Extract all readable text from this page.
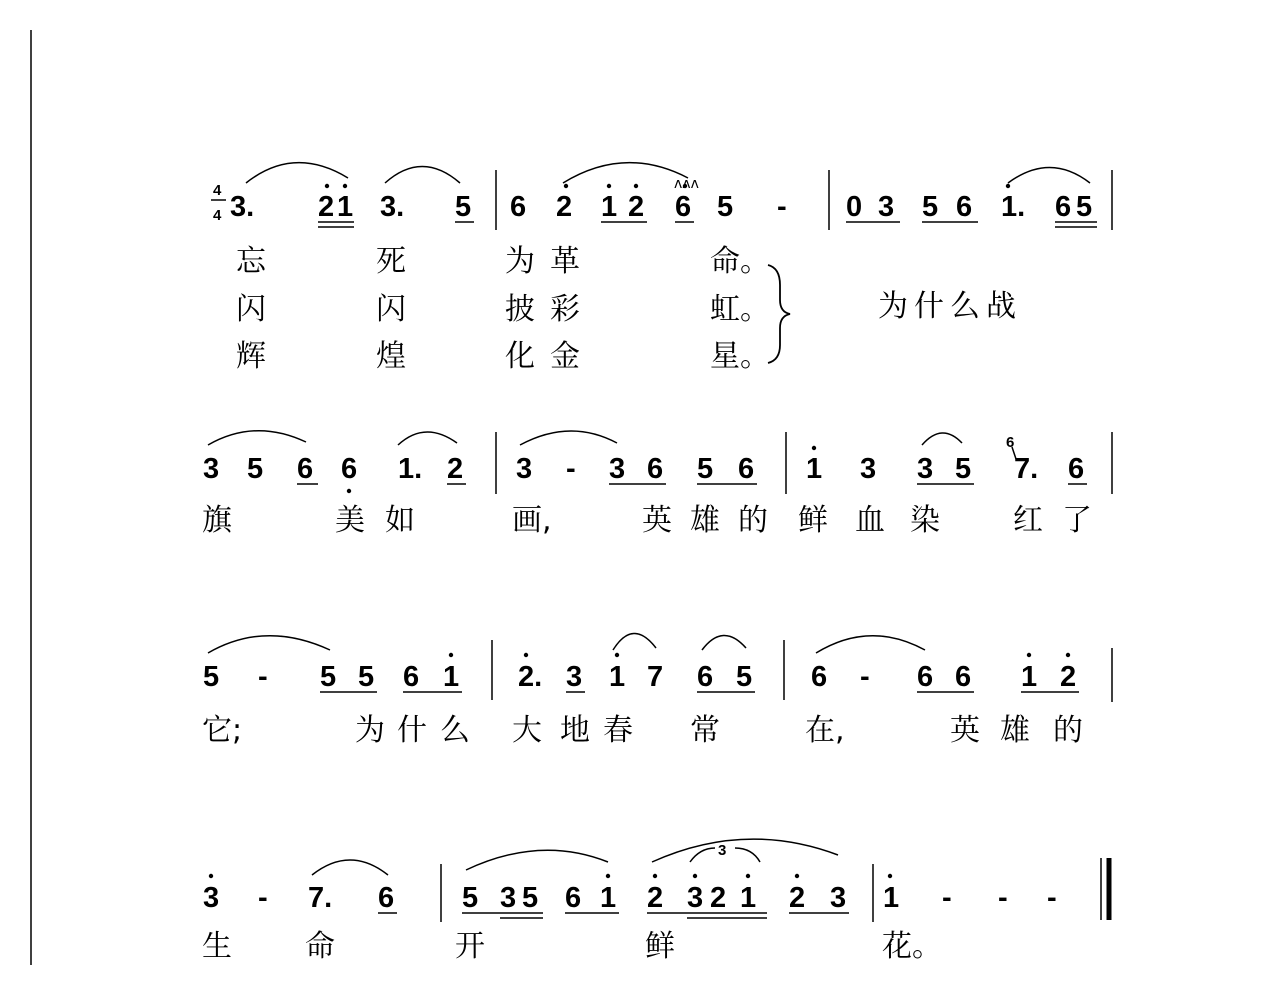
4
4 3. 2 1 3. 5 6 2 1 2 6 5 - 0 3 5 6 1. 6 5
ʌʌʌ
忘	死	为 革	命。
闪	闪	披 彩	虹。
辉	煌	化 金	星。
为什么战
3 5 6 6 1. 2 3 - 3 6 5 6 1 3 3 5
6
7. 6
旗	美 如	画,	英 雄 的 鲜 血 染 红 了
5 - 5 5 6 1 2. 3 1 7 6 5 6 - 6 6 1 2
它;	为 什 么 大 地 春 常	在,	英 雄 的
3 - 7. 6 5 3 5 6 1 2 3 2 1 2 3 1 - - -
3
生 命	开	鲜	花。
